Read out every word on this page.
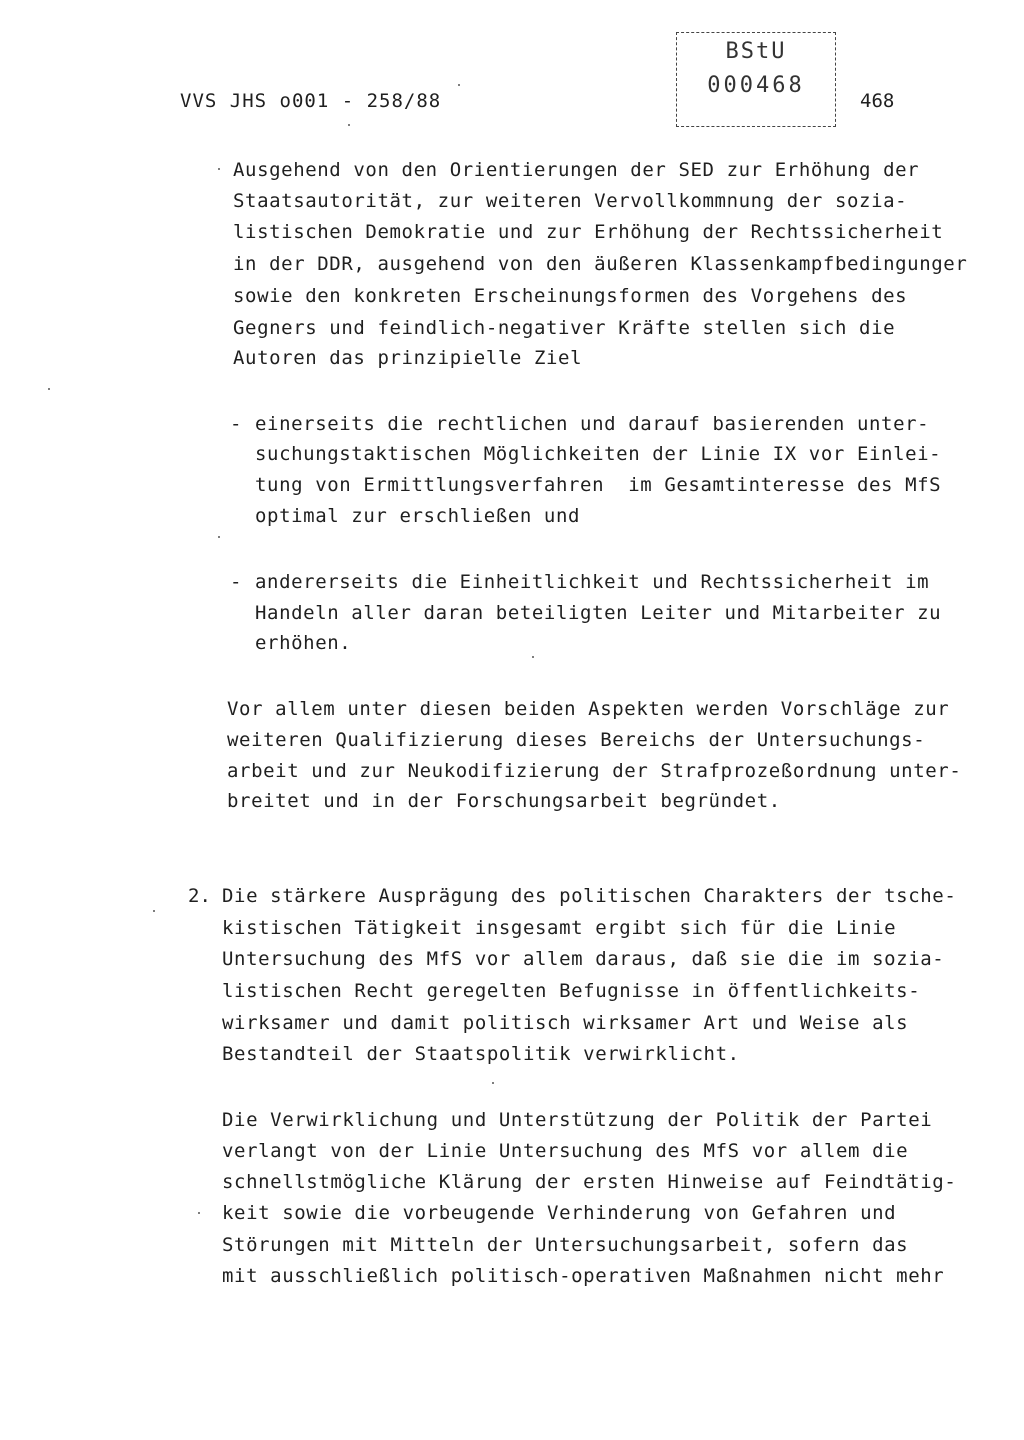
VVS JHS o001 - 258/88
BStU
000468
468
Ausgehend von den Orientierungen der SED zur Erhöhung der
Staatsautorität, zur weiteren Vervollkommnung der sozia-
listischen Demokratie und zur Erhöhung der Rechtssicherheit
in der DDR, ausgehend von den äußeren Klassenkampfbedingunger
sowie den konkreten Erscheinungsformen des Vorgehens des
Gegners und feindlich-negativer Kräfte stellen sich die
Autoren das prinzipielle Ziel
- einerseits die rechtlichen und darauf basierenden unter-
suchungstaktischen Möglichkeiten der Linie IX vor Einlei-
tung von Ermittlungsverfahren  im Gesamtinteresse des MfS
optimal zur erschließen und
- andererseits die Einheitlichkeit und Rechtssicherheit im
Handeln aller daran beteiligten Leiter und Mitarbeiter zu
erhöhen.
Vor allem unter diesen beiden Aspekten werden Vorschläge zur
weiteren Qualifizierung dieses Bereichs der Untersuchungs-
arbeit und zur Neukodifizierung der Strafprozeßordnung unter-
breitet und in der Forschungsarbeit begründet.
2. Die stärkere Ausprägung des politischen Charakters der tsche-
kistischen Tätigkeit insgesamt ergibt sich für die Linie
Untersuchung des MfS vor allem daraus, daß sie die im sozia-
listischen Recht geregelten Befugnisse in öffentlichkeits-
wirksamer und damit politisch wirksamer Art und Weise als
Bestandteil der Staatspolitik verwirklicht.
Die Verwirklichung und Unterstützung der Politik der Partei
verlangt von der Linie Untersuchung des MfS vor allem die
schnellstmögliche Klärung der ersten Hinweise auf Feindtätig-
keit sowie die vorbeugende Verhinderung von Gefahren und
Störungen mit Mitteln der Untersuchungsarbeit, sofern das
mit ausschließlich politisch-operativen Maßnahmen nicht mehr
